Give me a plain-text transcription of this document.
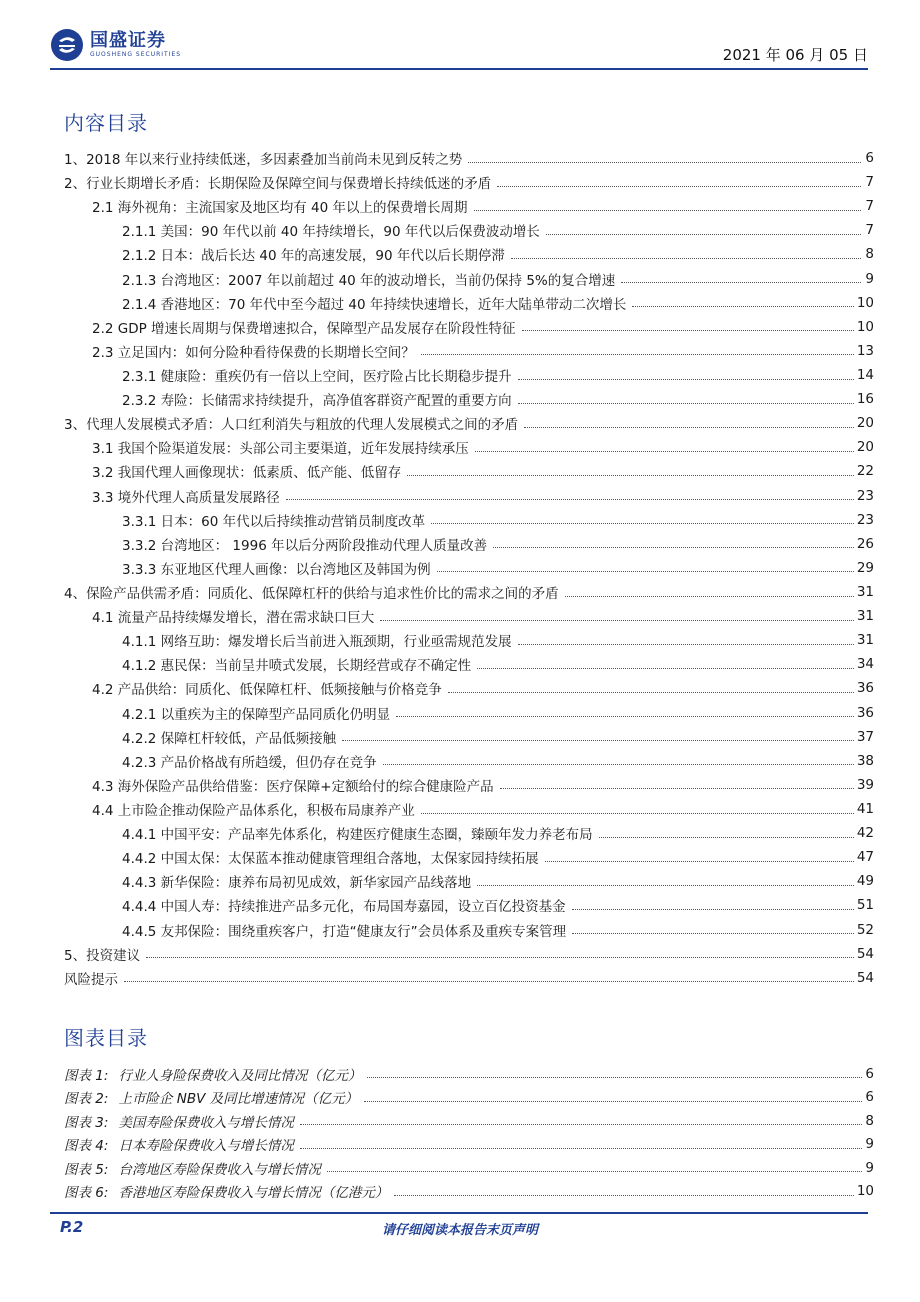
国盛证券
GUOSHENG SECURITIES	2021 年 06 月 05 日
内容目录
1、2018 年以来行业持续低迷，多因素叠加当前尚未见到反转之势	6
2、行业长期增长矛盾：长期保险及保障空间与保费增长持续低迷的矛盾	7
2.1 海外视角：主流国家及地区均有 40 年以上的保费增长周期	7
2.1.1 美国：90 年代以前 40 年持续增长，90 年代以后保费波动增长	7
2.1.2 日本：战后长达 40 年的高速发展，90 年代以后长期停滞	8
2.1.3 台湾地区：2007 年以前超过 40 年的波动增长，当前仍保持 5%的复合增速	9
2.1.4 香港地区：70 年代中至今超过 40 年持续快速增长，近年大陆单带动二次增长	10
2.2 GDP 增速长周期与保费增速拟合，保障型产品发展存在阶段性特征	10
2.3 立足国内：如何分险种看待保费的长期增长空间？	13
2.3.1 健康险：重疾仍有一倍以上空间，医疗险占比长期稳步提升	14
2.3.2 寿险：长储需求持续提升，高净值客群资产配置的重要方向	16
3、代理人发展模式矛盾：人口红利消失与粗放的代理人发展模式之间的矛盾	20
3.1 我国个险渠道发展：头部公司主要渠道，近年发展持续承压	20
3.2 我国代理人画像现状：低素质、低产能、低留存	22
3.3 境外代理人高质量发展路径	23
3.3.1 日本：60 年代以后持续推动营销员制度改革	23
3.3.2 台湾地区： 1996 年以后分两阶段推动代理人质量改善	26
3.3.3 东亚地区代理人画像：以台湾地区及韩国为例	29
4、保险产品供需矛盾：同质化、低保障杠杆的供给与追求性价比的需求之间的矛盾	31
4.1 流量产品持续爆发增长，潜在需求缺口巨大	31
4.1.1 网络互助：爆发增长后当前进入瓶颈期，行业亟需规范发展	31
4.1.2 惠民保：当前呈井喷式发展，长期经营或存不确定性	34
4.2 产品供给：同质化、低保障杠杆、低频接触与价格竞争	36
4.2.1 以重疾为主的保障型产品同质化仍明显	36
4.2.2 保障杠杆较低，产品低频接触	37
4.2.3 产品价格战有所趋缓，但仍存在竞争	38
4.3 海外保险产品供给借鉴：医疗保障+定额给付的综合健康险产品	39
4.4 上市险企推动保险产品体系化，积极布局康养产业	41
4.4.1 中国平安：产品率先体系化，构建医疗健康生态圈，臻颐年发力养老布局	42
4.4.2 中国太保：太保蓝本推动健康管理组合落地，太保家园持续拓展	47
4.4.3 新华保险：康养布局初见成效，新华家园产品线落地	49
4.4.4 中国人寿：持续推进产品多元化，布局国寿嘉园，设立百亿投资基金	51
4.4.5 友邦保险：围绕重疾客户，打造“健康友行”会员体系及重疾专案管理	52
5、投资建议	54
风险提示	54
图表目录
图表 1: 行业人身险保费收入及同比情况（亿元）	6
图表 2: 上市险企 NBV 及同比增速情况（亿元）	6
图表 3: 美国寿险保费收入与增长情况	8
图表 4: 日本寿险保费收入与增长情况	9
图表 5: 台湾地区寿险保费收入与增长情况	9
图表 6: 香港地区寿险保费收入与增长情况（亿港元）	10
P.2	请仔细阅读本报告末页声明
